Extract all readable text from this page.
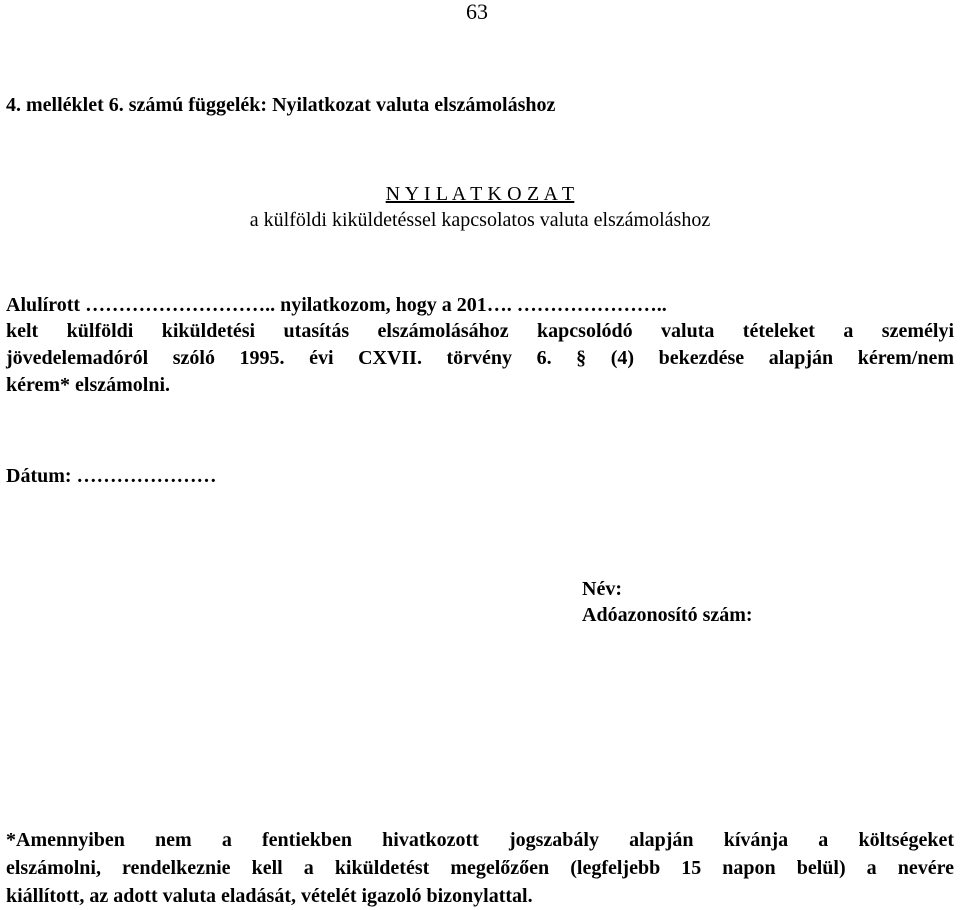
63
4. melléklet 6. számú függelék: Nyilatkozat valuta elszámoláshoz
N Y I L A T K O Z A T
a külföldi kiküldetéssel kapcsolatos valuta elszámoláshoz
Alulírott ……………………….. nyilatkozom, hogy a 201…. …………………..
kelt külföldi kiküldetési utasítás elszámolásához kapcsolódó valuta tételeket a személyi
jövedelemadóról szóló 1995. évi CXVII. törvény 6. § (4) bekezdése alapján kérem/nem
kérem* elszámolni.
Dátum: …………………
Név:
Adóazonosító szám:
*Amennyiben nem a fentiekben hivatkozott jogszabály alapján kívánja a költségeket
elszámolni, rendelkeznie kell a kiküldetést megelőzően (legfeljebb 15 napon belül) a nevére
kiállított, az adott valuta eladását, vételét igazoló bizonylattal.
